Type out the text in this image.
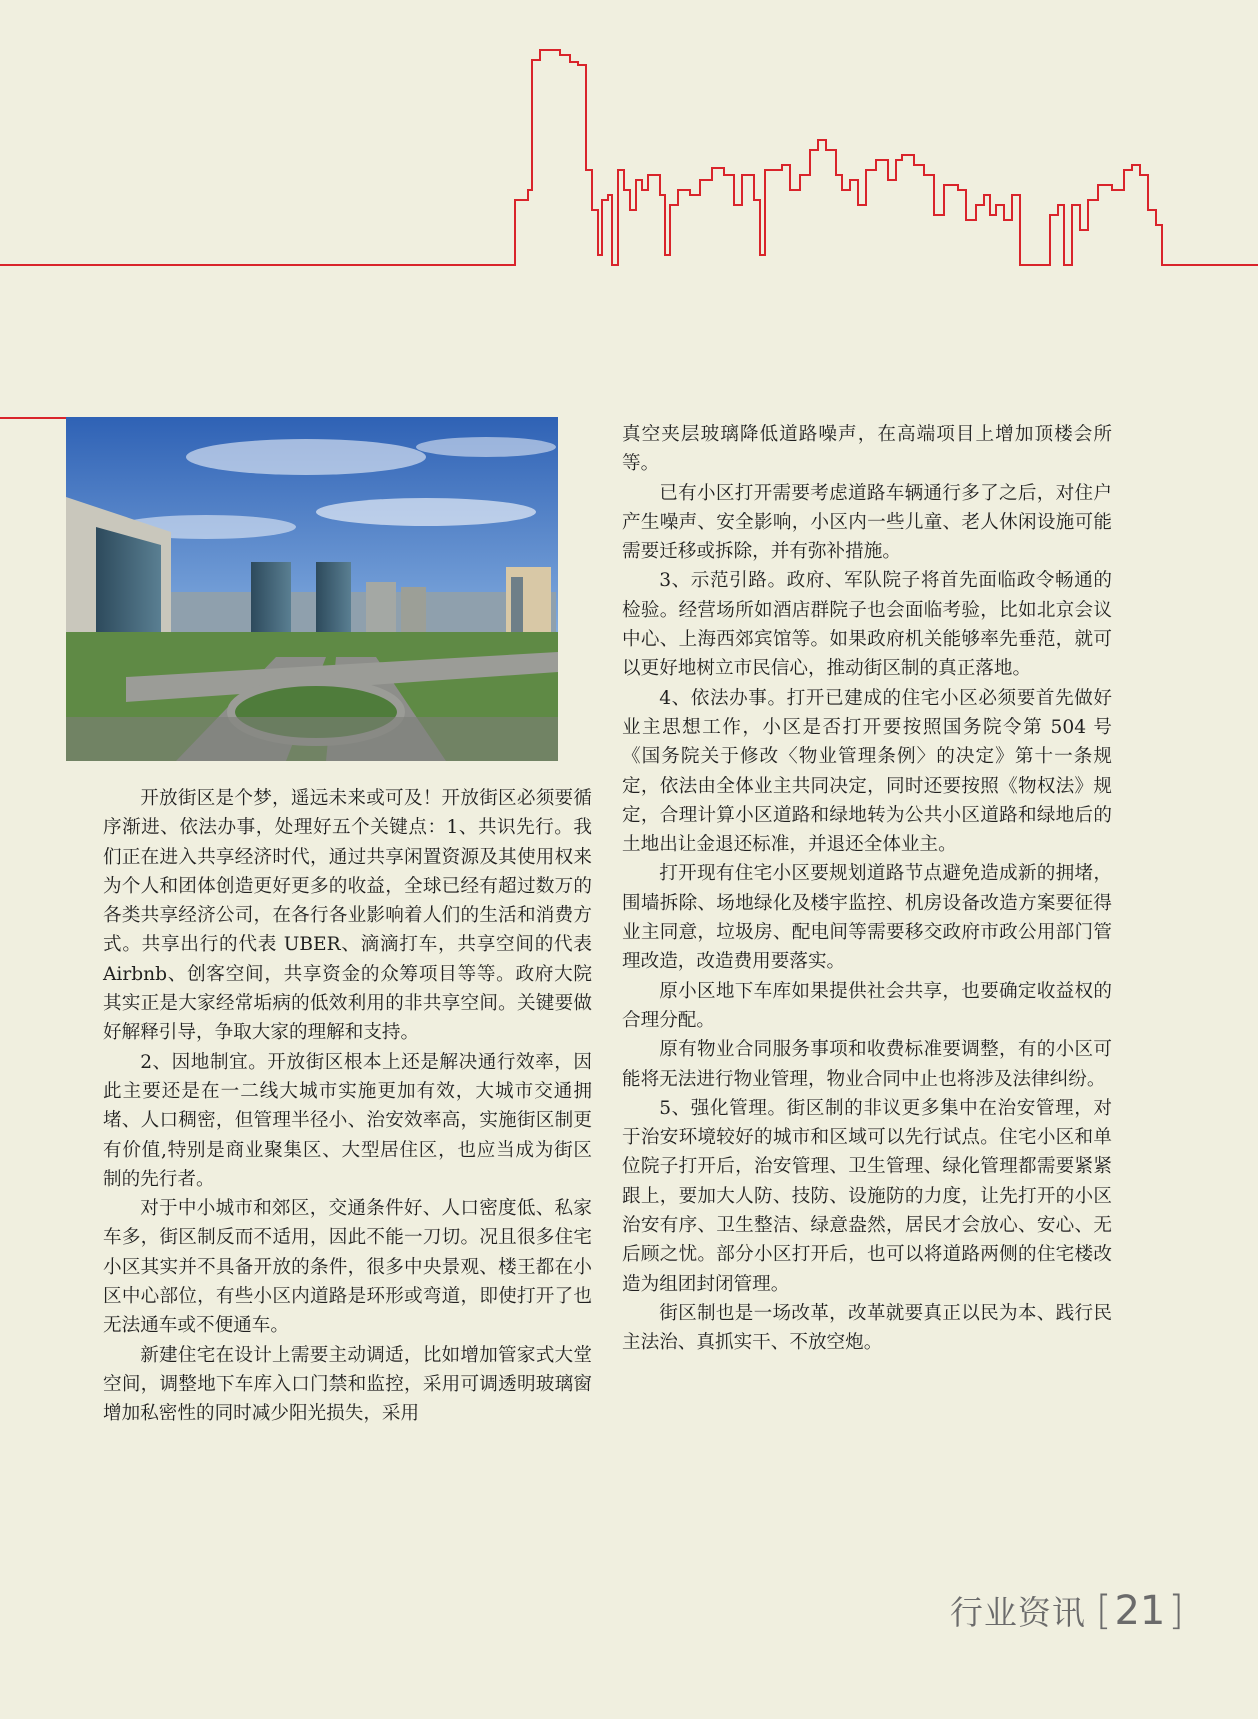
开放街区是个梦，遥远未来或可及！开放街区必须要循序渐进、依法办事，处理好五个关键点：1、共识先行。我们正在进入共享经济时代，通过共享闲置资源及其使用权来为个人和团体创造更好更多的收益，全球已经有超过数万的各类共享经济公司，在各行各业影响着人们的生活和消费方式。共享出行的代表 UBER、滴滴打车，共享空间的代表 Airbnb、创客空间，共享资金的众筹项目等等。政府大院其实正是大家经常垢病的低效利用的非共享空间。关键要做好解释引导，争取大家的理解和支持。

2、因地制宜。开放街区根本上还是解决通行效率，因此主要还是在一二线大城市实施更加有效，大城市交通拥堵、人口稠密，但管理半径小、治安效率高，实施街区制更有价值,特别是商业聚集区、大型居住区，也应当成为街区制的先行者。

对于中小城市和郊区，交通条件好、人口密度低、私家车多，街区制反而不适用，因此不能一刀切。况且很多住宅小区其实并不具备开放的条件，很多中央景观、楼王都在小区中心部位，有些小区内道路是环形或弯道，即使打开了也无法通车或不便通车。

新建住宅在设计上需要主动调适，比如增加管家式大堂空间，调整地下车库入口门禁和监控，采用可调透明玻璃窗增加私密性的同时减少阳光损失，采用

真空夹层玻璃降低道路噪声，在高端项目上增加顶楼会所等。

已有小区打开需要考虑道路车辆通行多了之后，对住户产生噪声、安全影响，小区内一些儿童、老人休闲设施可能需要迁移或拆除，并有弥补措施。

3、示范引路。政府、军队院子将首先面临政令畅通的检验。经营场所如酒店群院子也会面临考验，比如北京会议中心、上海西郊宾馆等。如果政府机关能够率先垂范，就可以更好地树立市民信心，推动街区制的真正落地。

4、依法办事。打开已建成的住宅小区必须要首先做好业主思想工作，小区是否打开要按照国务院令第 504 号《国务院关于修改〈物业管理条例〉的决定》第十一条规定，依法由全体业主共同决定，同时还要按照《物权法》规定，合理计算小区道路和绿地转为公共小区道路和绿地后的土地出让金退还标准，并退还全体业主。

打开现有住宅小区要规划道路节点避免造成新的拥堵，围墙拆除、场地绿化及楼宇监控、机房设备改造方案要征得业主同意，垃圾房、配电间等需要移交政府市政公用部门管理改造，改造费用要落实。

原小区地下车库如果提供社会共享，也要确定收益权的合理分配。

原有物业合同服务事项和收费标准要调整，有的小区可能将无法进行物业管理，物业合同中止也将涉及法律纠纷。

5、强化管理。街区制的非议更多集中在治安管理，对于治安环境较好的城市和区域可以先行试点。住宅小区和单位院子打开后，治安管理、卫生管理、绿化管理都需要紧紧跟上，要加大人防、技防、设施防的力度，让先打开的小区治安有序、卫生整洁、绿意盎然，居民才会放心、安心、无后顾之忧。部分小区打开后，也可以将道路两侧的住宅楼改造为组团封闭管理。

街区制也是一场改革，改革就要真正以民为本、践行民主法治、真抓实干、不放空炮。

行业资讯 [ 21 ]
